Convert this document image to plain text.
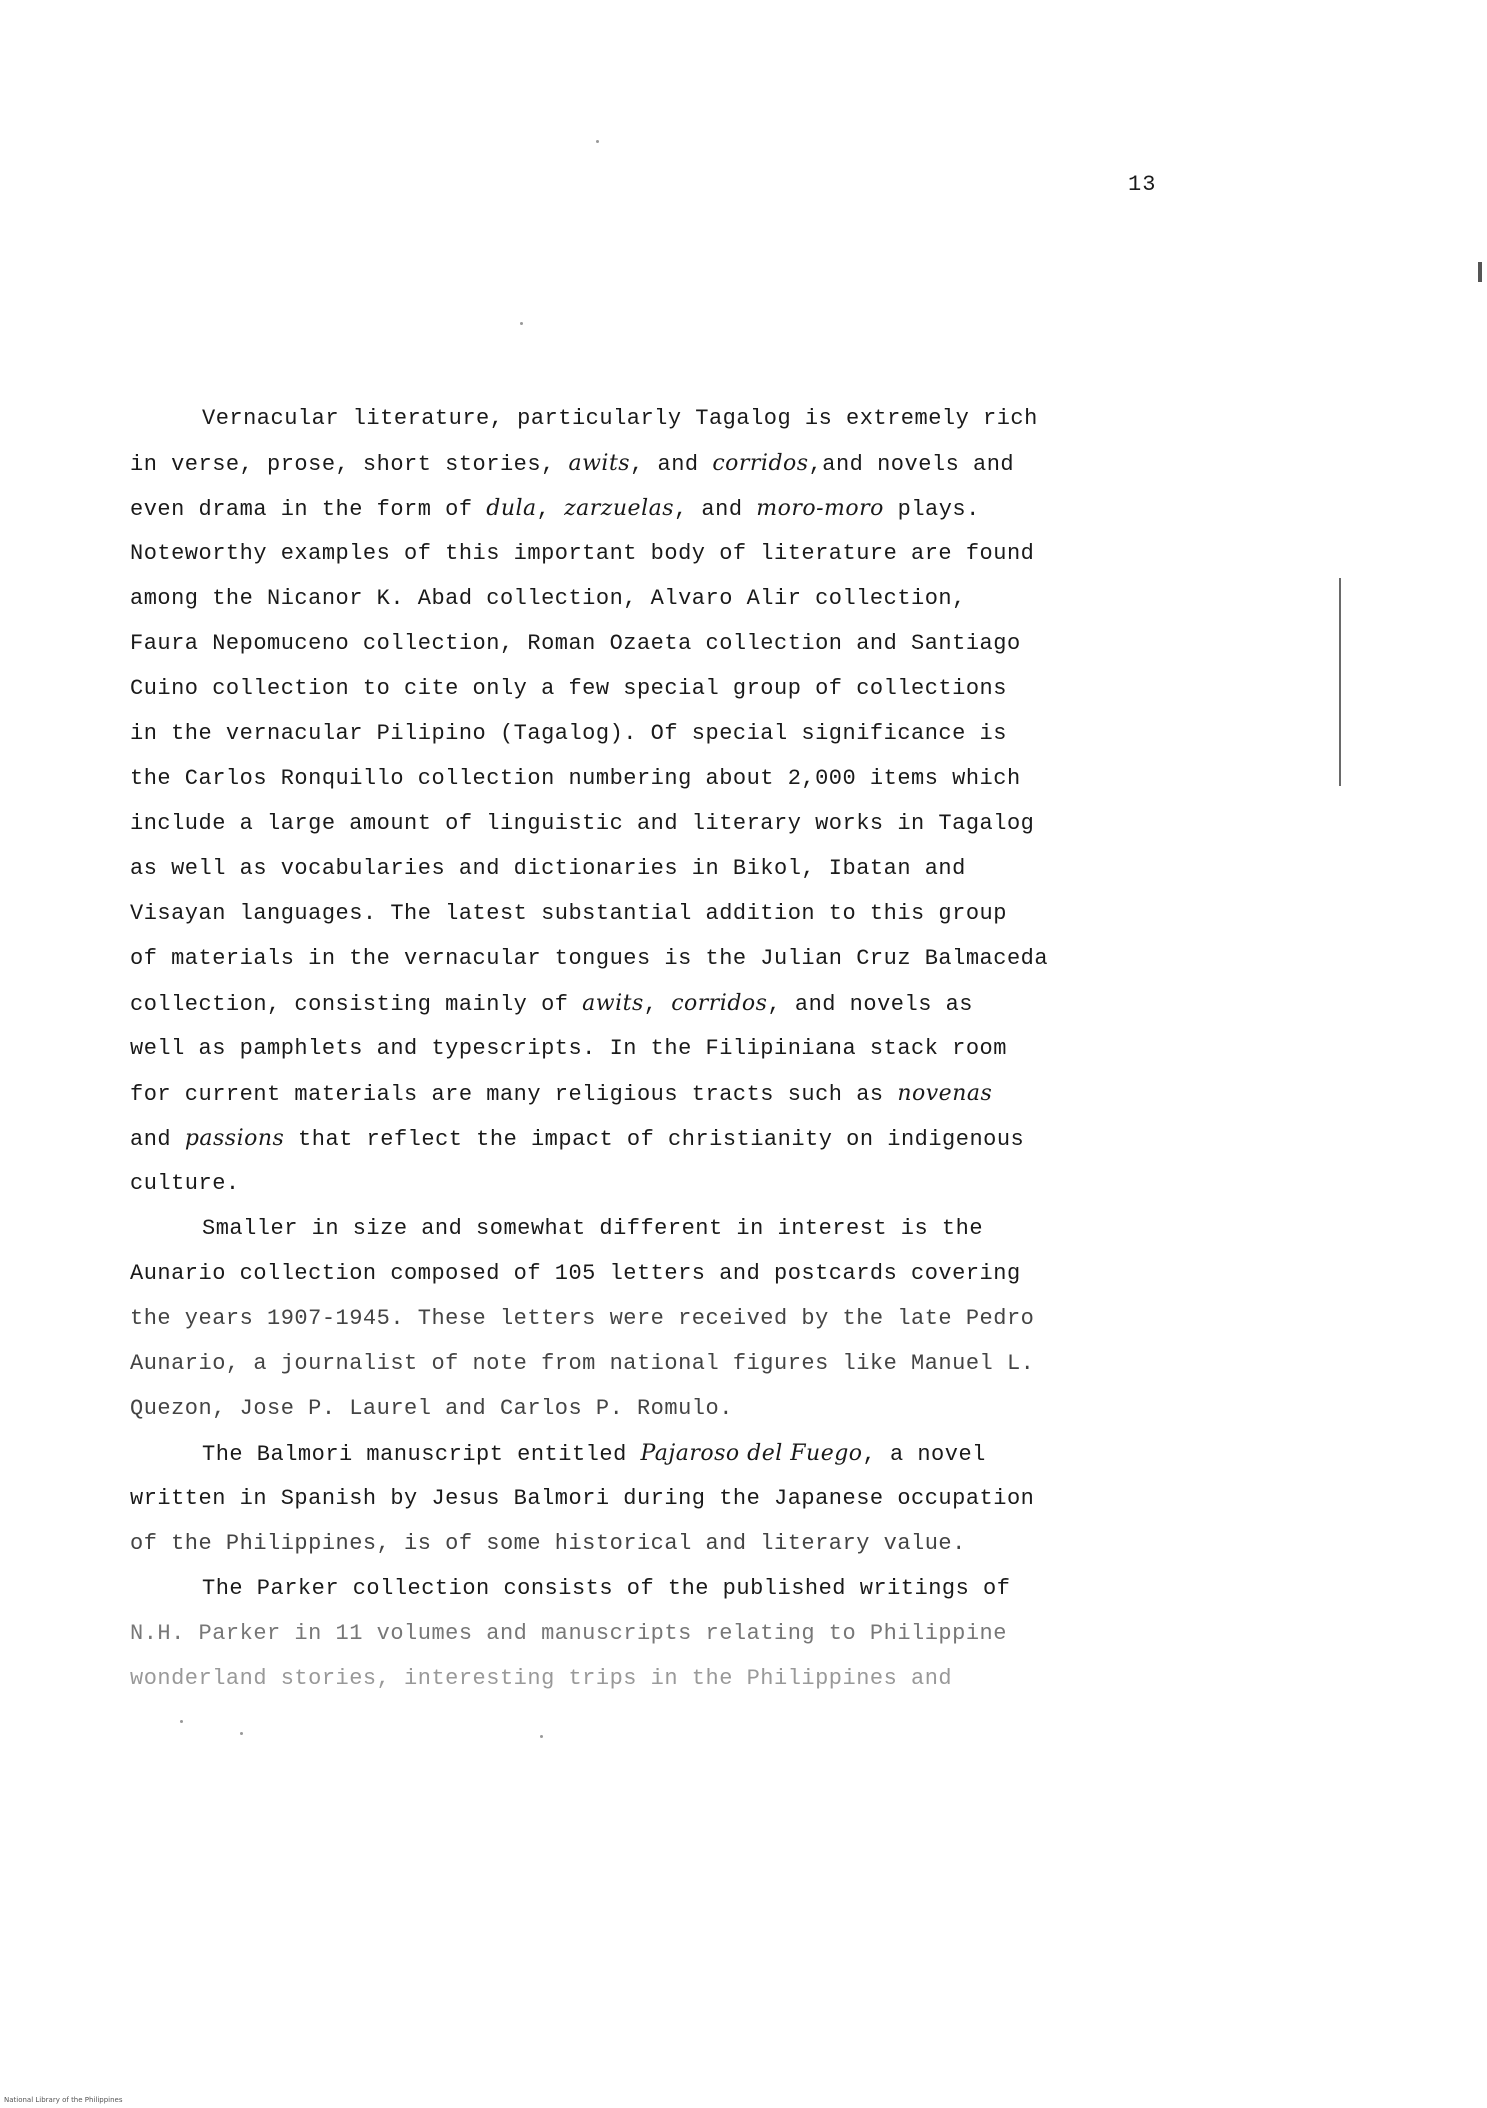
13
Vernacular literature, particularly Tagalog is extremely rich
in verse, prose, short stories, awits, and corridos,and novels and
even drama in the form of dula, zarzuelas, and moro-moro plays.
Noteworthy examples of this important body of literature are found
among the Nicanor K. Abad collection, Alvaro Alir collection,
Faura Nepomuceno collection, Roman Ozaeta collection and Santiago
Cuino collection to cite only a few special group of collections
in the vernacular Pilipino (Tagalog). Of special significance is
the Carlos Ronquillo collection numbering about 2,000 items which
include a large amount of linguistic and literary works in Tagalog
as well as vocabularies and dictionaries in Bikol, Ibatan and
Visayan languages. The latest substantial addition to this group
of materials in the vernacular tongues is the Julian Cruz Balmaceda
collection, consisting mainly of awits, corridos, and novels as
well as pamphlets and typescripts. In the Filipiniana stack room
for current materials are many religious tracts such as novenas
and passions that reflect the impact of christianity on indigenous
culture.
Smaller in size and somewhat different in interest is the
Aunario collection composed of 105 letters and postcards covering
the years 1907-1945. These letters were received by the late Pedro
Aunario, a journalist of note from national figures like Manuel L.
Quezon, Jose P. Laurel and Carlos P. Romulo.
The Balmori manuscript entitled Pajaroso del Fuego, a novel
written in Spanish by Jesus Balmori during the Japanese occupation
of the Philippines, is of some historical and literary value.
The Parker collection consists of the published writings of
N.H. Parker in 11 volumes and manuscripts relating to Philippine
wonderland stories, interesting trips in the Philippines and
National Library of the Philippines
